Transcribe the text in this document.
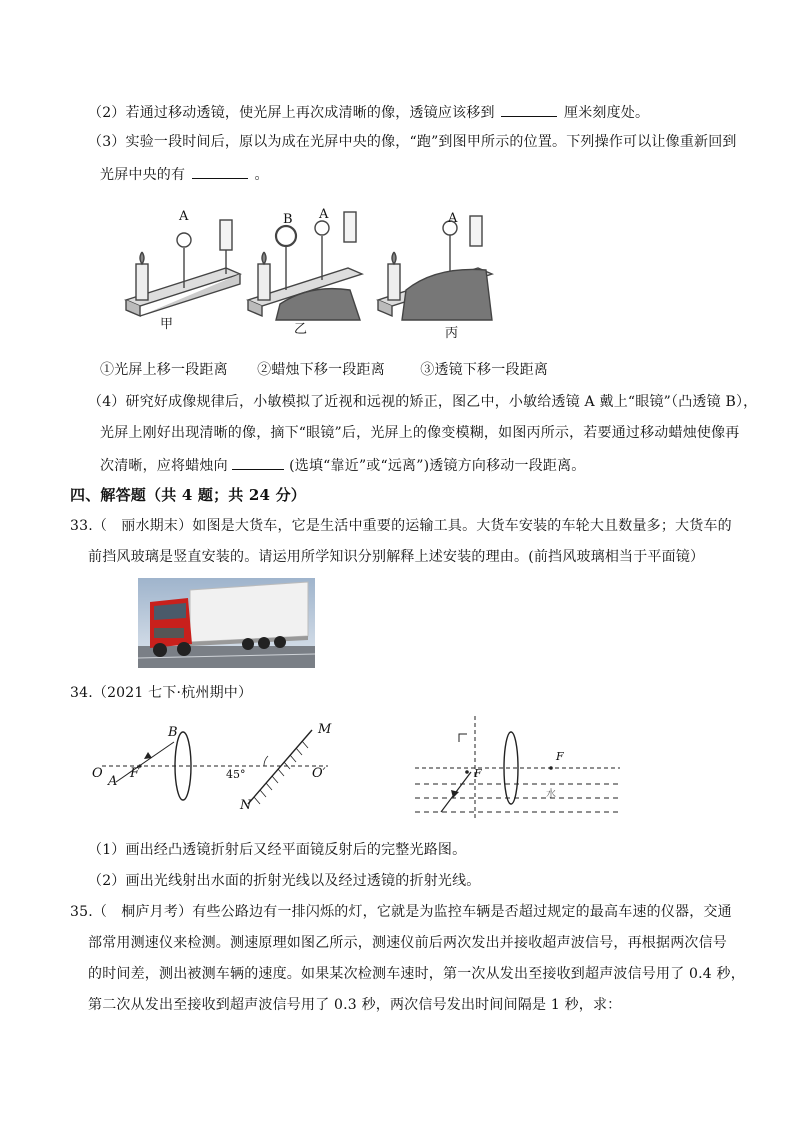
（2）若通过移动透镜，使光屏上再次成清晰的像，透镜应该移到	厘米刻度处。
（3）实验一段时间后，原以为成在光屏中央的像，“跑”到图甲所示的位置。下列操作可以让像重新回到
光屏中央的有	。
A	B A	A
甲	乙	丙
①光屏上移一段距离 ②蜡烛下移一段距离	③透镜下移一段距离
（4）研究好成像规律后，小敏模拟了近视和远视的矫正，图乙中，小敏给透镜 A 戴上“眼镜”（凸透镜 B），
光屏上刚好出现清晰的像，摘下“眼镜”后，光屏上的像变模糊，如图丙所示，若要通过移动蜡烛使像再
次清晰，应将蜡烛向	(选填“靠近”或“远离”)透镜方向移动一段距离。
四、解答题（共 4 题；共 24 分）
33.（　丽水期末）如图是大货车，它是生活中重要的运输工具。大货车安装的车轮大且数量多；大货车的
前挡风玻璃是竖直安装的。请运用所学知识分别解释上述安装的理由。(前挡风玻璃相当于平面镜）
34.（2021 七下·杭州期中）
O
A
F
B
45°
M
N
O′	F
F
水
（1）画出经凸透镜折射后又经平面镜反射后的完整光路图。
（2）画出光线射出水面的折射光线以及经过透镜的折射光线。
35.（　桐庐月考）有些公路边有一排闪烁的灯，它就是为监控车辆是否超过规定的最高车速的仪器，交通
部常用测速仪来检测。测速原理如图乙所示，测速仪前后两次发出并接收超声波信号，再根据两次信号
的时间差，测出被测车辆的速度。如果某次检测车速时，第一次从发出至接收到超声波信号用了 0.4 秒，
第二次从发出至接收到超声波信号用了 0.3 秒，两次信号发出时间间隔是 1 秒，求：
